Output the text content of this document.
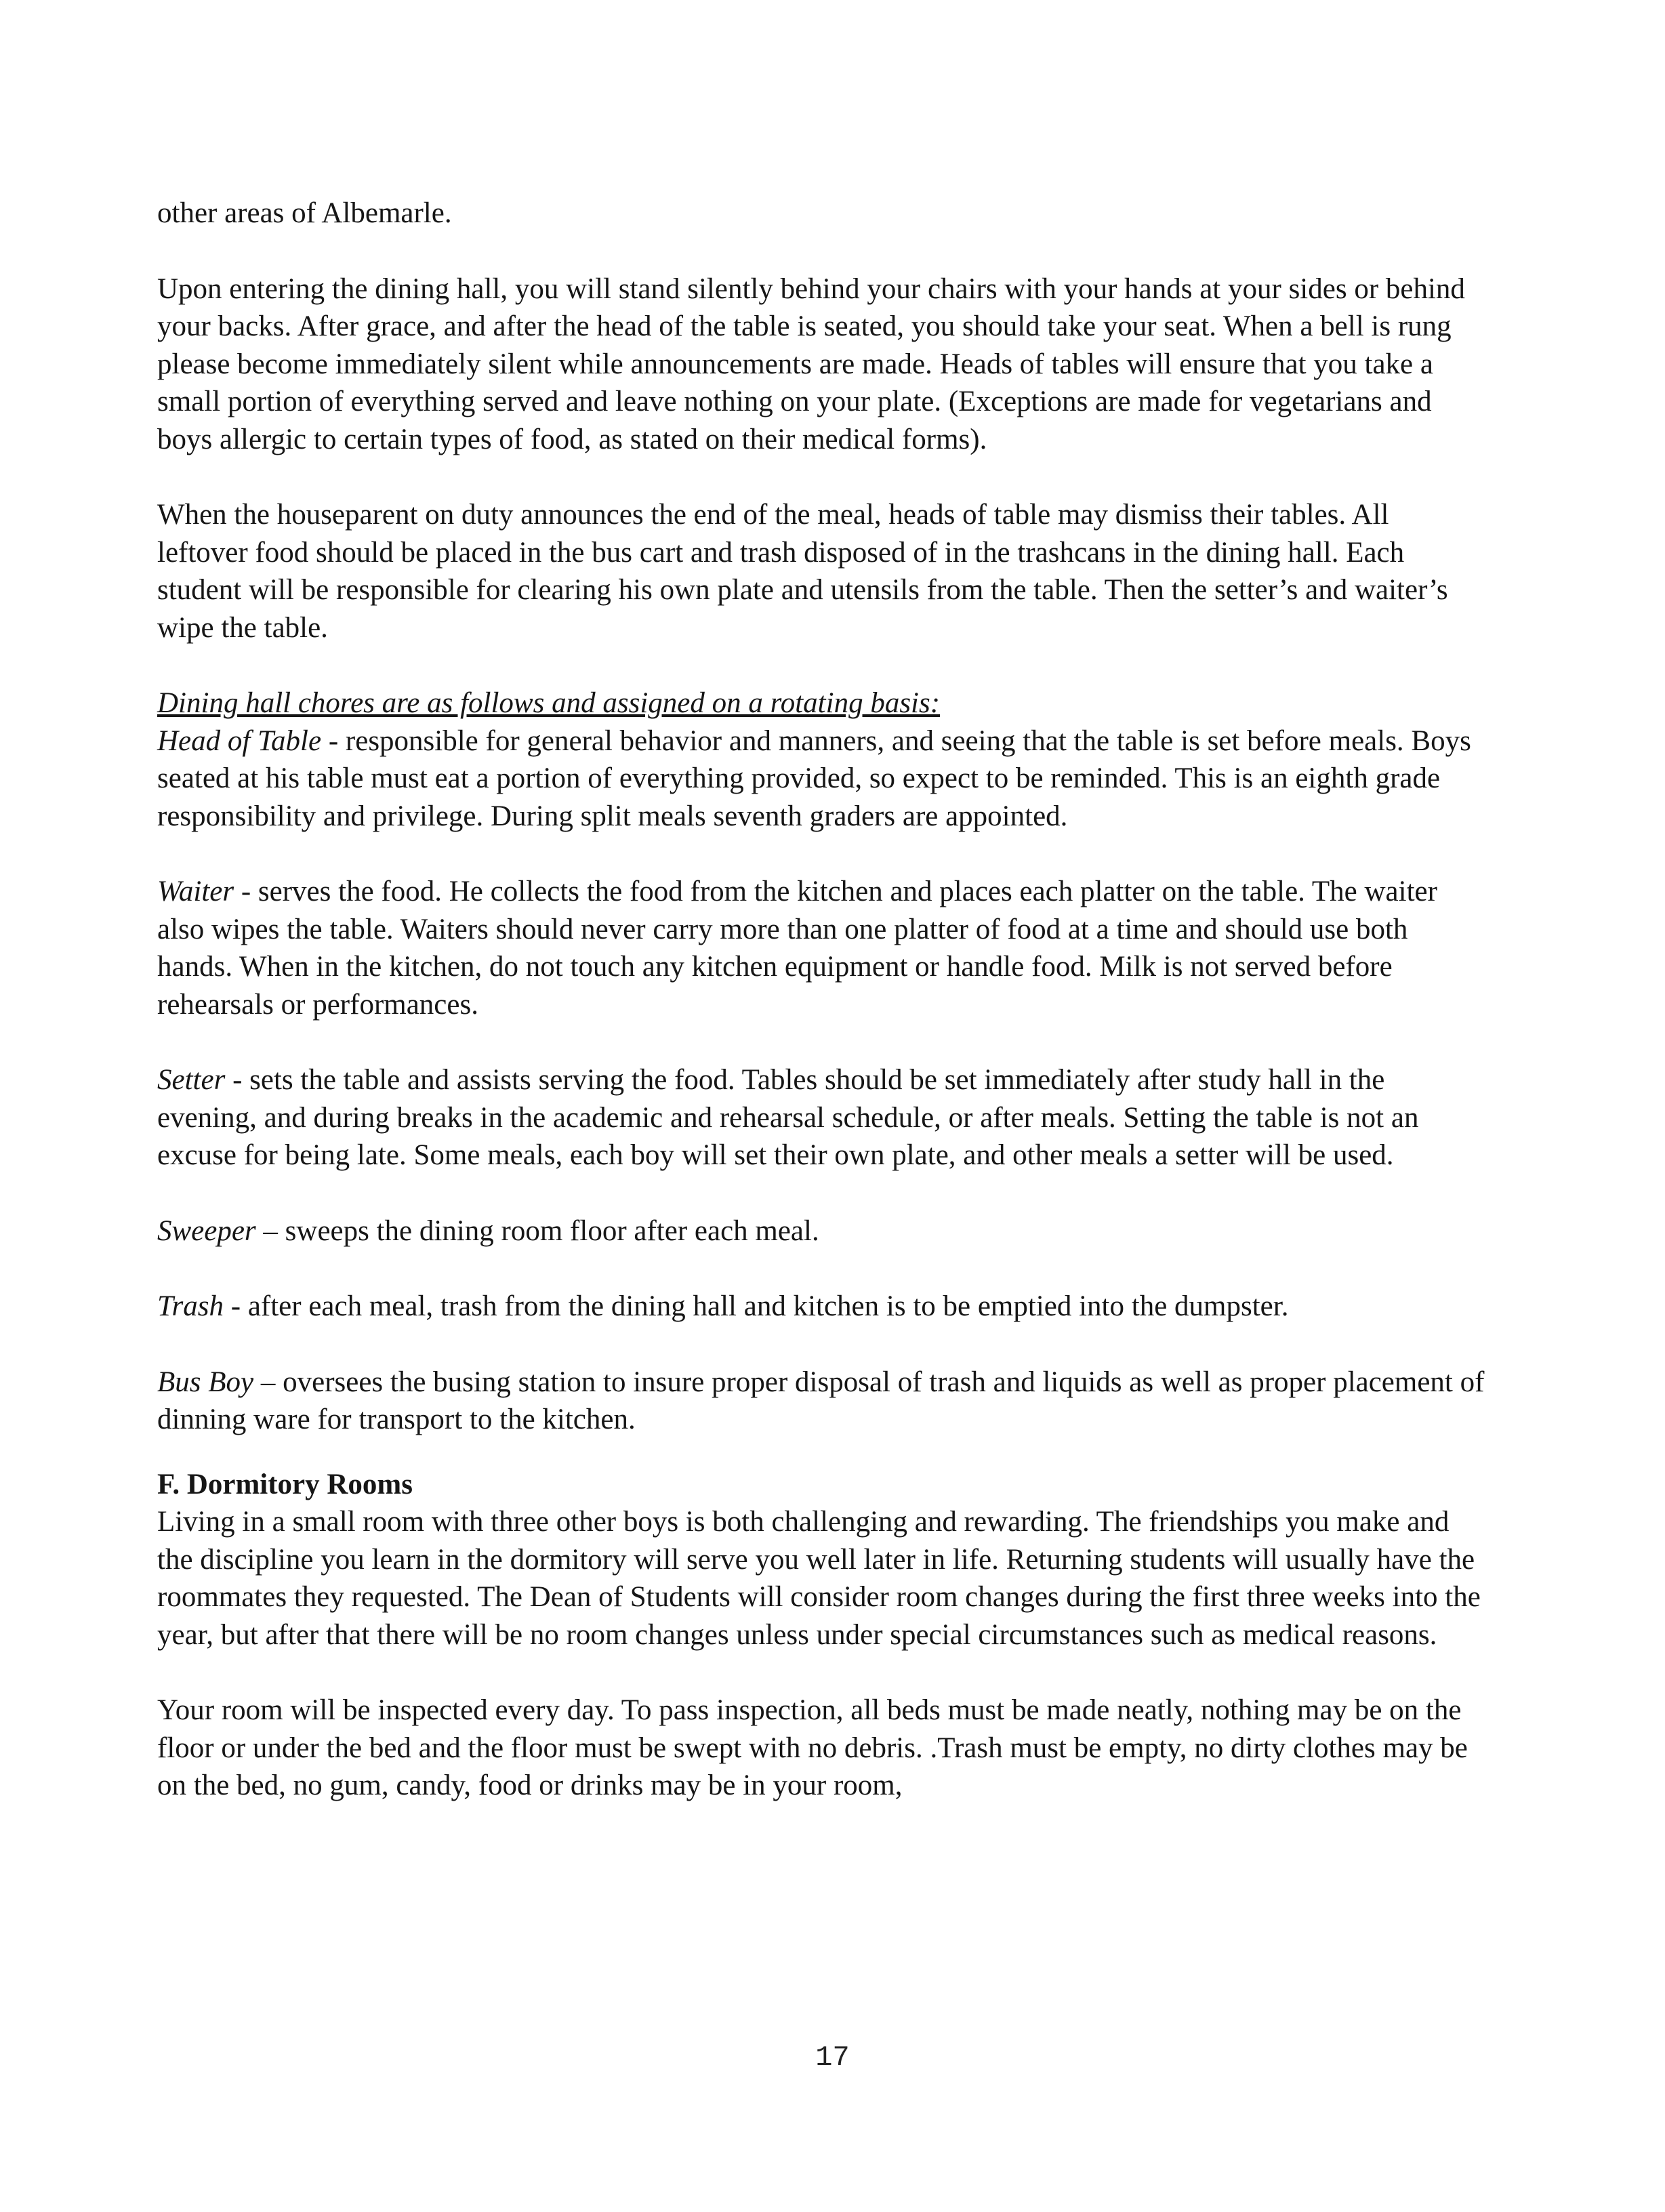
other areas of Albemarle.

Upon entering the dining hall, you will stand silently behind your chairs with your hands at your sides or behind your backs. After grace, and after the head of the table is seated, you should take your seat. When a bell is rung please become immediately silent while announcements are made. Heads of tables will ensure that you take a small portion of everything served and leave nothing on your plate. (Exceptions are made for vegetarians and boys allergic to certain types of food, as stated on their medical forms).

When the houseparent on duty announces the end of the meal, heads of table may dismiss their tables. All leftover food should be placed in the bus cart and trash disposed of in the trashcans in the dining hall. Each student will be responsible for clearing his own plate and utensils from the table. Then the setter’s and waiter’s wipe the table.

Dining hall chores are as follows and assigned on a rotating basis:

Head of Table - responsible for general behavior and manners, and seeing that the table is set before meals. Boys seated at his table must eat a portion of everything provided, so expect to be reminded. This is an eighth grade responsibility and privilege. During split meals seventh graders are appointed.

Waiter - serves the food. He collects the food from the kitchen and places each platter on the table. The waiter also wipes the table. Waiters should never carry more than one platter of food at a time and should use both hands. When in the kitchen, do not touch any kitchen equipment or handle food. Milk is not served before rehearsals or performances.

Setter - sets the table and assists serving the food. Tables should be set immediately after study hall in the evening, and during breaks in the academic and rehearsal schedule, or after meals. Setting the table is not an excuse for being late. Some meals, each boy will set their own plate, and other meals a setter will be used.

Sweeper – sweeps the dining room floor after each meal.

Trash - after each meal, trash from the dining hall and kitchen is to be emptied into the dumpster.

Bus Boy – oversees the busing station to insure proper disposal of trash and liquids as well as proper placement of dinning ware for transport to the kitchen.

F. Dormitory Rooms

Living in a small room with three other boys is both challenging and rewarding. The friendships you make and the discipline you learn in the dormitory will serve you well later in life. Returning students will usually have the roommates they requested. The Dean of Students will consider room changes during the first three weeks into the year, but after that there will be no room changes unless under special circumstances such as medical reasons.

Your room will be inspected every day. To pass inspection, all beds must be made neatly, nothing may be on the floor or under the bed and the floor must be swept with no debris. .Trash must be empty, no dirty clothes may be on the bed, no gum, candy, food or drinks may be in your room,

17
